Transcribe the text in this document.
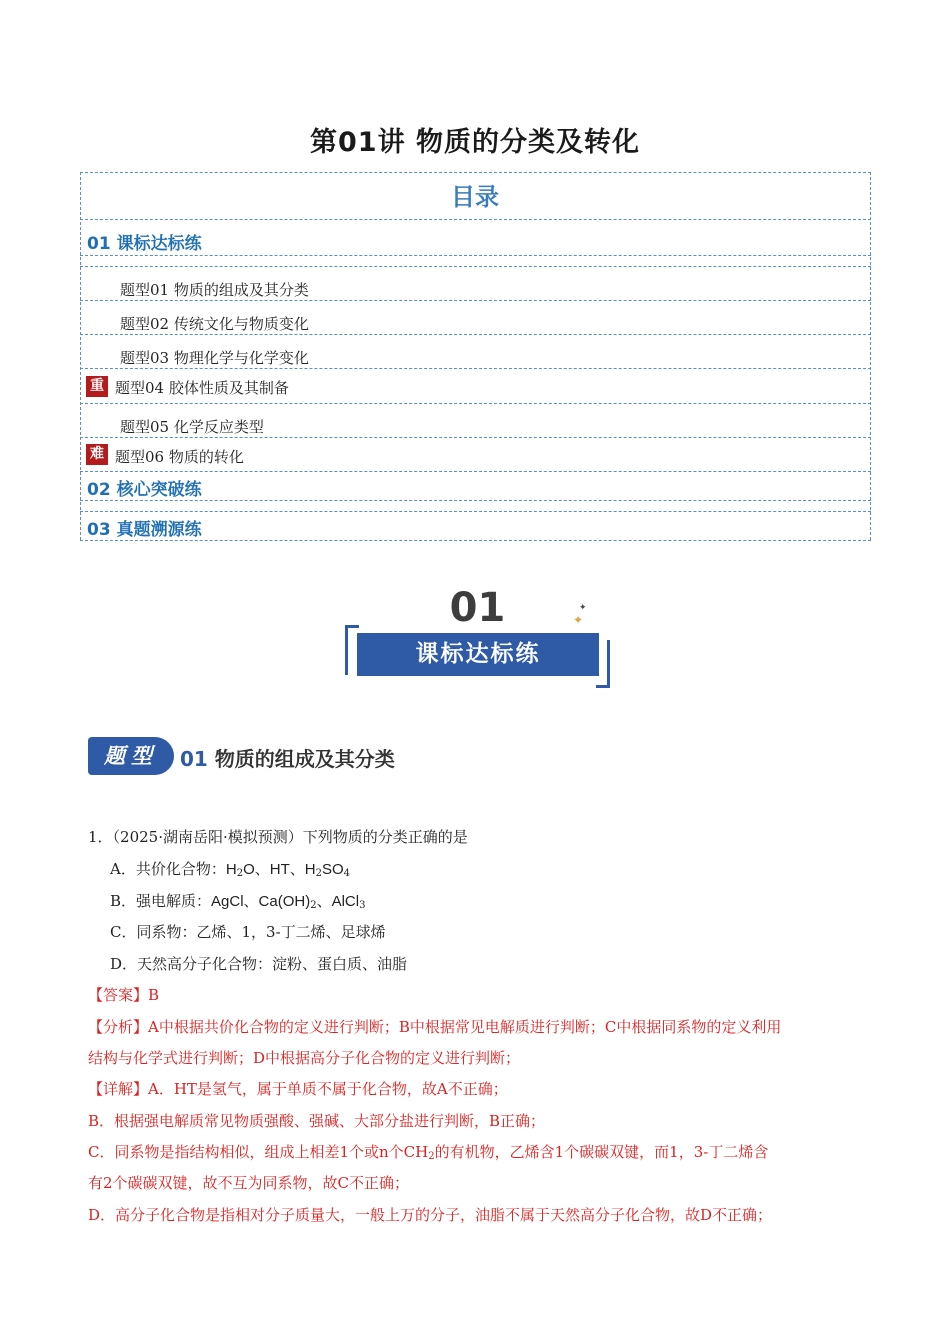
第01讲 物质的分类及转化
目录
01 课标达标练
题型01 物质的组成及其分类
题型02 传统文化与物质变化
题型03 物理化学与化学变化
重 题型04 胶体性质及其制备
题型05 化学反应类型
难 题型06 物质的转化
02 核心突破练
03 真题溯源练
01
课标达标练
✦
✦
题型	01 物质的组成及其分类
1．（2025·湖南岳阳·模拟预测）下列物质的分类正确的是
A．共价化合物：$H_2O$、HT、$H_2SO_4$
B．强电解质：AgCl、$Ca(OH)_2$、AlCl$_3$
C．同系物：乙烯、1，3-丁二烯、足球烯
D．天然高分子化合物：淀粉、蛋白质、油脂
【答案】B
【分析】A中根据共价化合物的定义进行判断；B中根据常见电解质进行判断；C中根据同系物的定义利用
结构与化学式进行判断；D中根据高分子化合物的定义进行判断；
【详解】A．HT是氢气，属于单质不属于化合物，故A不正确；
B．根据强电解质常见物质强酸、强碱、大部分盐进行判断，B正确；
C．同系物是指结构相似，组成上相差1个或n个$CH_2$的有机物，乙烯含1个碳碳双键，而1，3-丁二烯含
有2个碳碳双键，故不互为同系物，故C不正确；
D．高分子化合物是指相对分子质量大，一般上万的分子，油脂不属于天然高分子化合物，故D不正确；
